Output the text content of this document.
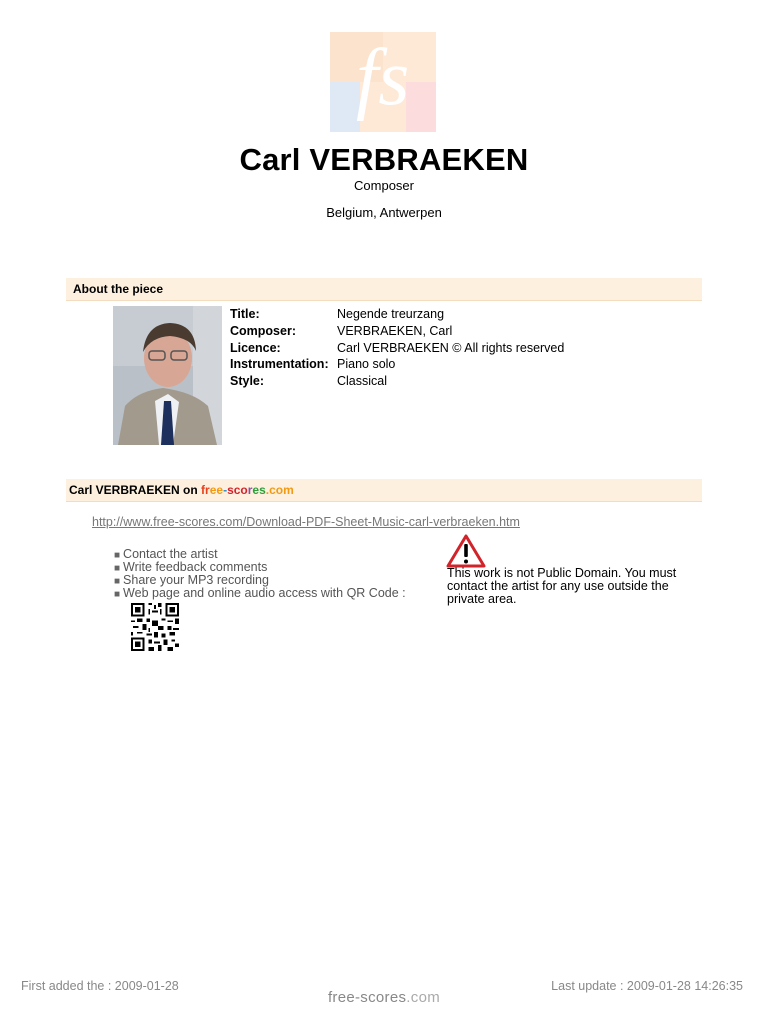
fs
Carl VERBRAEKEN
Composer
Belgium, Antwerpen
About the piece
Title:	Negende treurzang
Composer:	VERBRAEKEN, Carl
Licence:	Carl VERBRAEKEN © All rights reserved
Instrumentation: Piano solo
Style:	Classical
Carl VERBRAEKEN on free-scores.com
http://www.free-scores.com/Download-PDF-Sheet-Music-carl-verbraeken.htm
■ Contact the artist
■ Write feedback comments
■ Share your MP3 recording
■ Web page and online audio access with QR Code :
This work is not Public Domain. You must contact the artist for any use outside the private area.
First added the : 2009-01-28	Last update : 2009-01-28 14:26:35
free-scores.com
